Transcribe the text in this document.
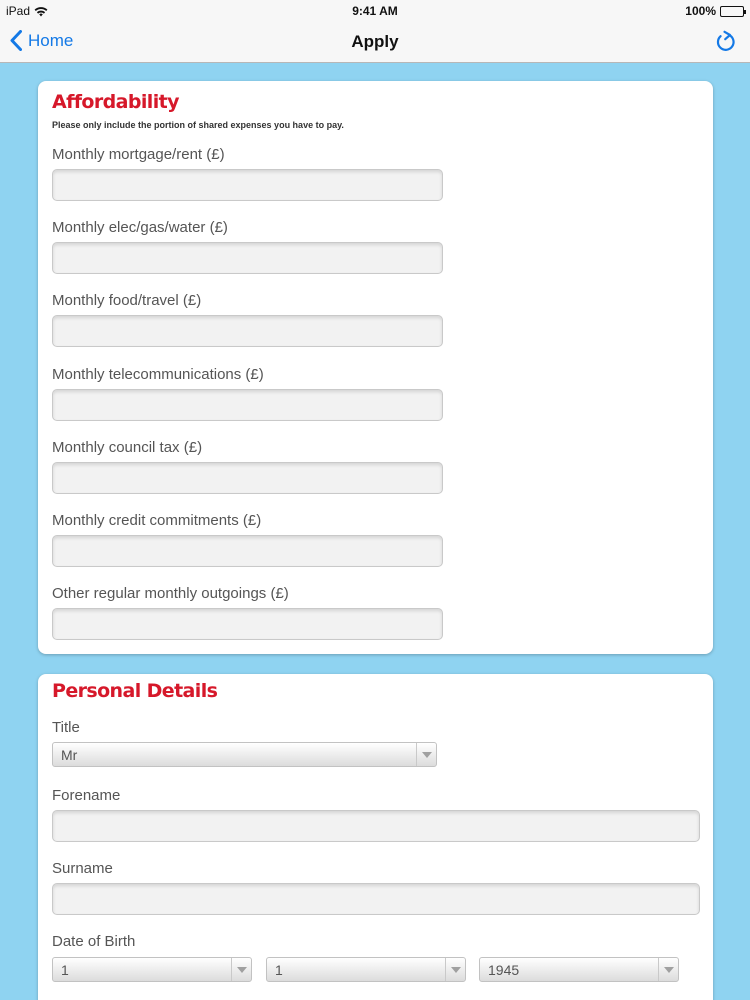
iPad	9:41 AM	100%
Home	Apply
Affordability
Please only include the portion of shared expenses you have to pay.
Monthly mortgage/rent (£)
Monthly elec/gas/water (£)
Monthly food/travel (£)
Monthly telecommunications (£)
Monthly council tax (£)
Monthly credit commitments (£)
Other regular monthly outgoings (£)
Personal Details
Title
Mr
Forename
Surname
Date of Birth
1	1	1945
